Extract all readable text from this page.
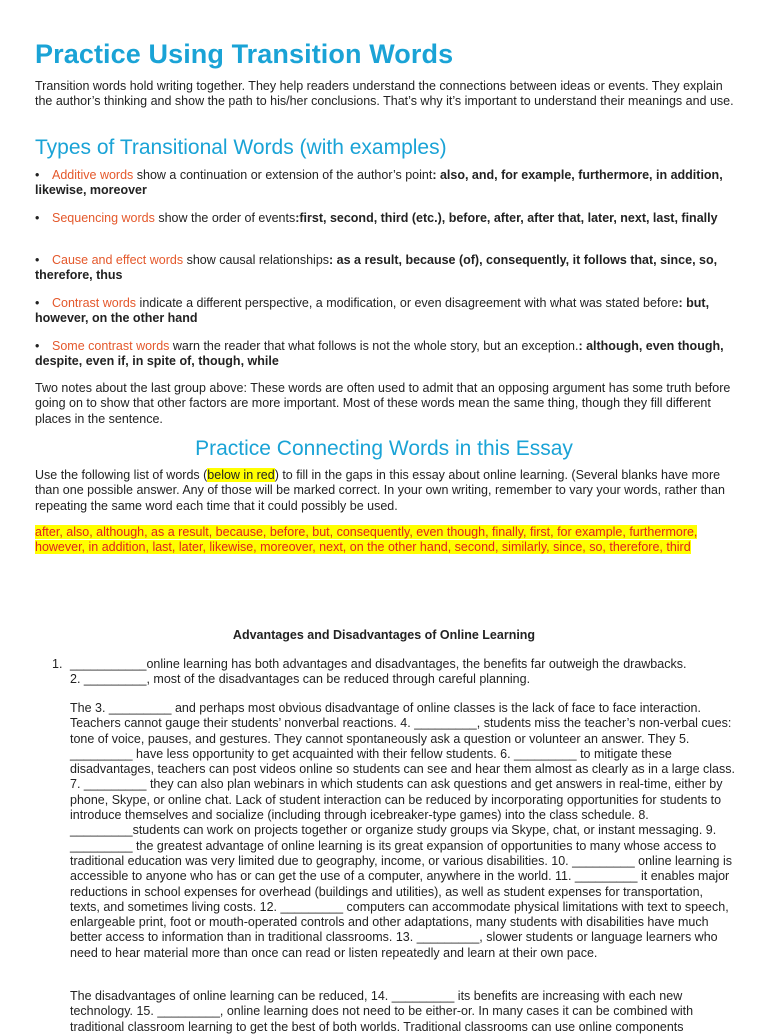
Practice Using Transition Words

Transition words hold writing together. They help readers understand the connections between ideas or events. They explain the author’s thinking and show the path to his/her conclusions. That’s why it’s important to understand their meanings and use.

Types of Transitional Words (with examples)
• Additive words show a continuation or extension of the author’s point: also, and, for example, furthermore, in addition, likewise, moreover
• Sequencing words show the order of events:first, second, third (etc.), before, after, after that, later, next, last, finally
• Cause and effect words show causal relationships: as a result, because (of), consequently, it follows that, since, so, therefore, thus
• Contrast words indicate a different perspective, a modification, or even disagreement with what was stated before: but, however, on the other hand
• Some contrast words warn the reader that what follows is not the whole story, but an exception.: although, even though, despite, even if, in spite of, though, while

Two notes about the last group above: These words are often used to admit that an opposing argument has some truth before going on to show that other factors are more important. Most of these words mean the same thing, though they fill different places in the sentence.

Practice Connecting Words in this Essay

Use the following list of words (below in red) to fill in the gaps in this essay about online learning. (Several blanks have more than one possible answer. Any of those will be marked correct. In your own writing, remember to vary your words, rather than repeating the same word each time that it could possibly be used.

after, also, although, as a result, because, before, but, consequently, even though, finally, first, for example, furthermore, however, in addition, last, later, likewise, moreover, next, on the other hand, second, similarly, since, so, therefore, third
Advantages and Disadvantages of Online Learning
1. ___________online learning has both advantages and disadvantages, the benefits far outweigh the drawbacks.
2. _________, most of the disadvantages can be reduced through careful planning.
The 3. _________ and perhaps most obvious disadvantage of online classes is the lack of face to face interaction. Teachers cannot gauge their students’ nonverbal reactions. 4. _________, students miss the teacher’s non-verbal cues: tone of voice, pauses, and gestures. They cannot spontaneously ask a question or volunteer an answer. They 5. _________ have less opportunity to get acquainted with their fellow students. 6. _________ to mitigate these disadvantages, teachers can post videos online so students can see and hear them almost as clearly as in a large class. 7. _________ they can also plan webinars in which students can ask questions and get answers in real-time, either by phone, Skype, or online chat. Lack of student interaction can be reduced by incorporating opportunities for students to introduce themselves and socialize (including through icebreaker-type games) into the class schedule. 8. _________students can work on projects together or organize study groups via Skype, chat, or instant messaging. 9. _________ the greatest advantage of online learning is its great expansion of opportunities to many whose access to traditional education was very limited due to geography, income, or various disabilities. 10. _________ online learning is accessible to anyone who has or can get the use of a computer, anywhere in the world. 11. _________ it enables major reductions in school expenses for overhead (buildings and utilities), as well as student expenses for transportation, texts, and sometimes living costs. 12. _________ computers can accommodate physical limitations with text to speech, enlargeable print, foot or mouth-operated controls and other adaptations, many students with disabilities have much better access to information than in traditional classrooms. 13. _________, slower students or language learners who need to hear material more than once can read or listen repeatedly and learn at their own pace.
The disadvantages of online learning can be reduced, 14. _________ its benefits are increasing with each new technology. 15. _________, online learning does not need to be either-or. In many cases it can be combined with traditional classroom learning to get the best of both worlds. Traditional classrooms can use online components
